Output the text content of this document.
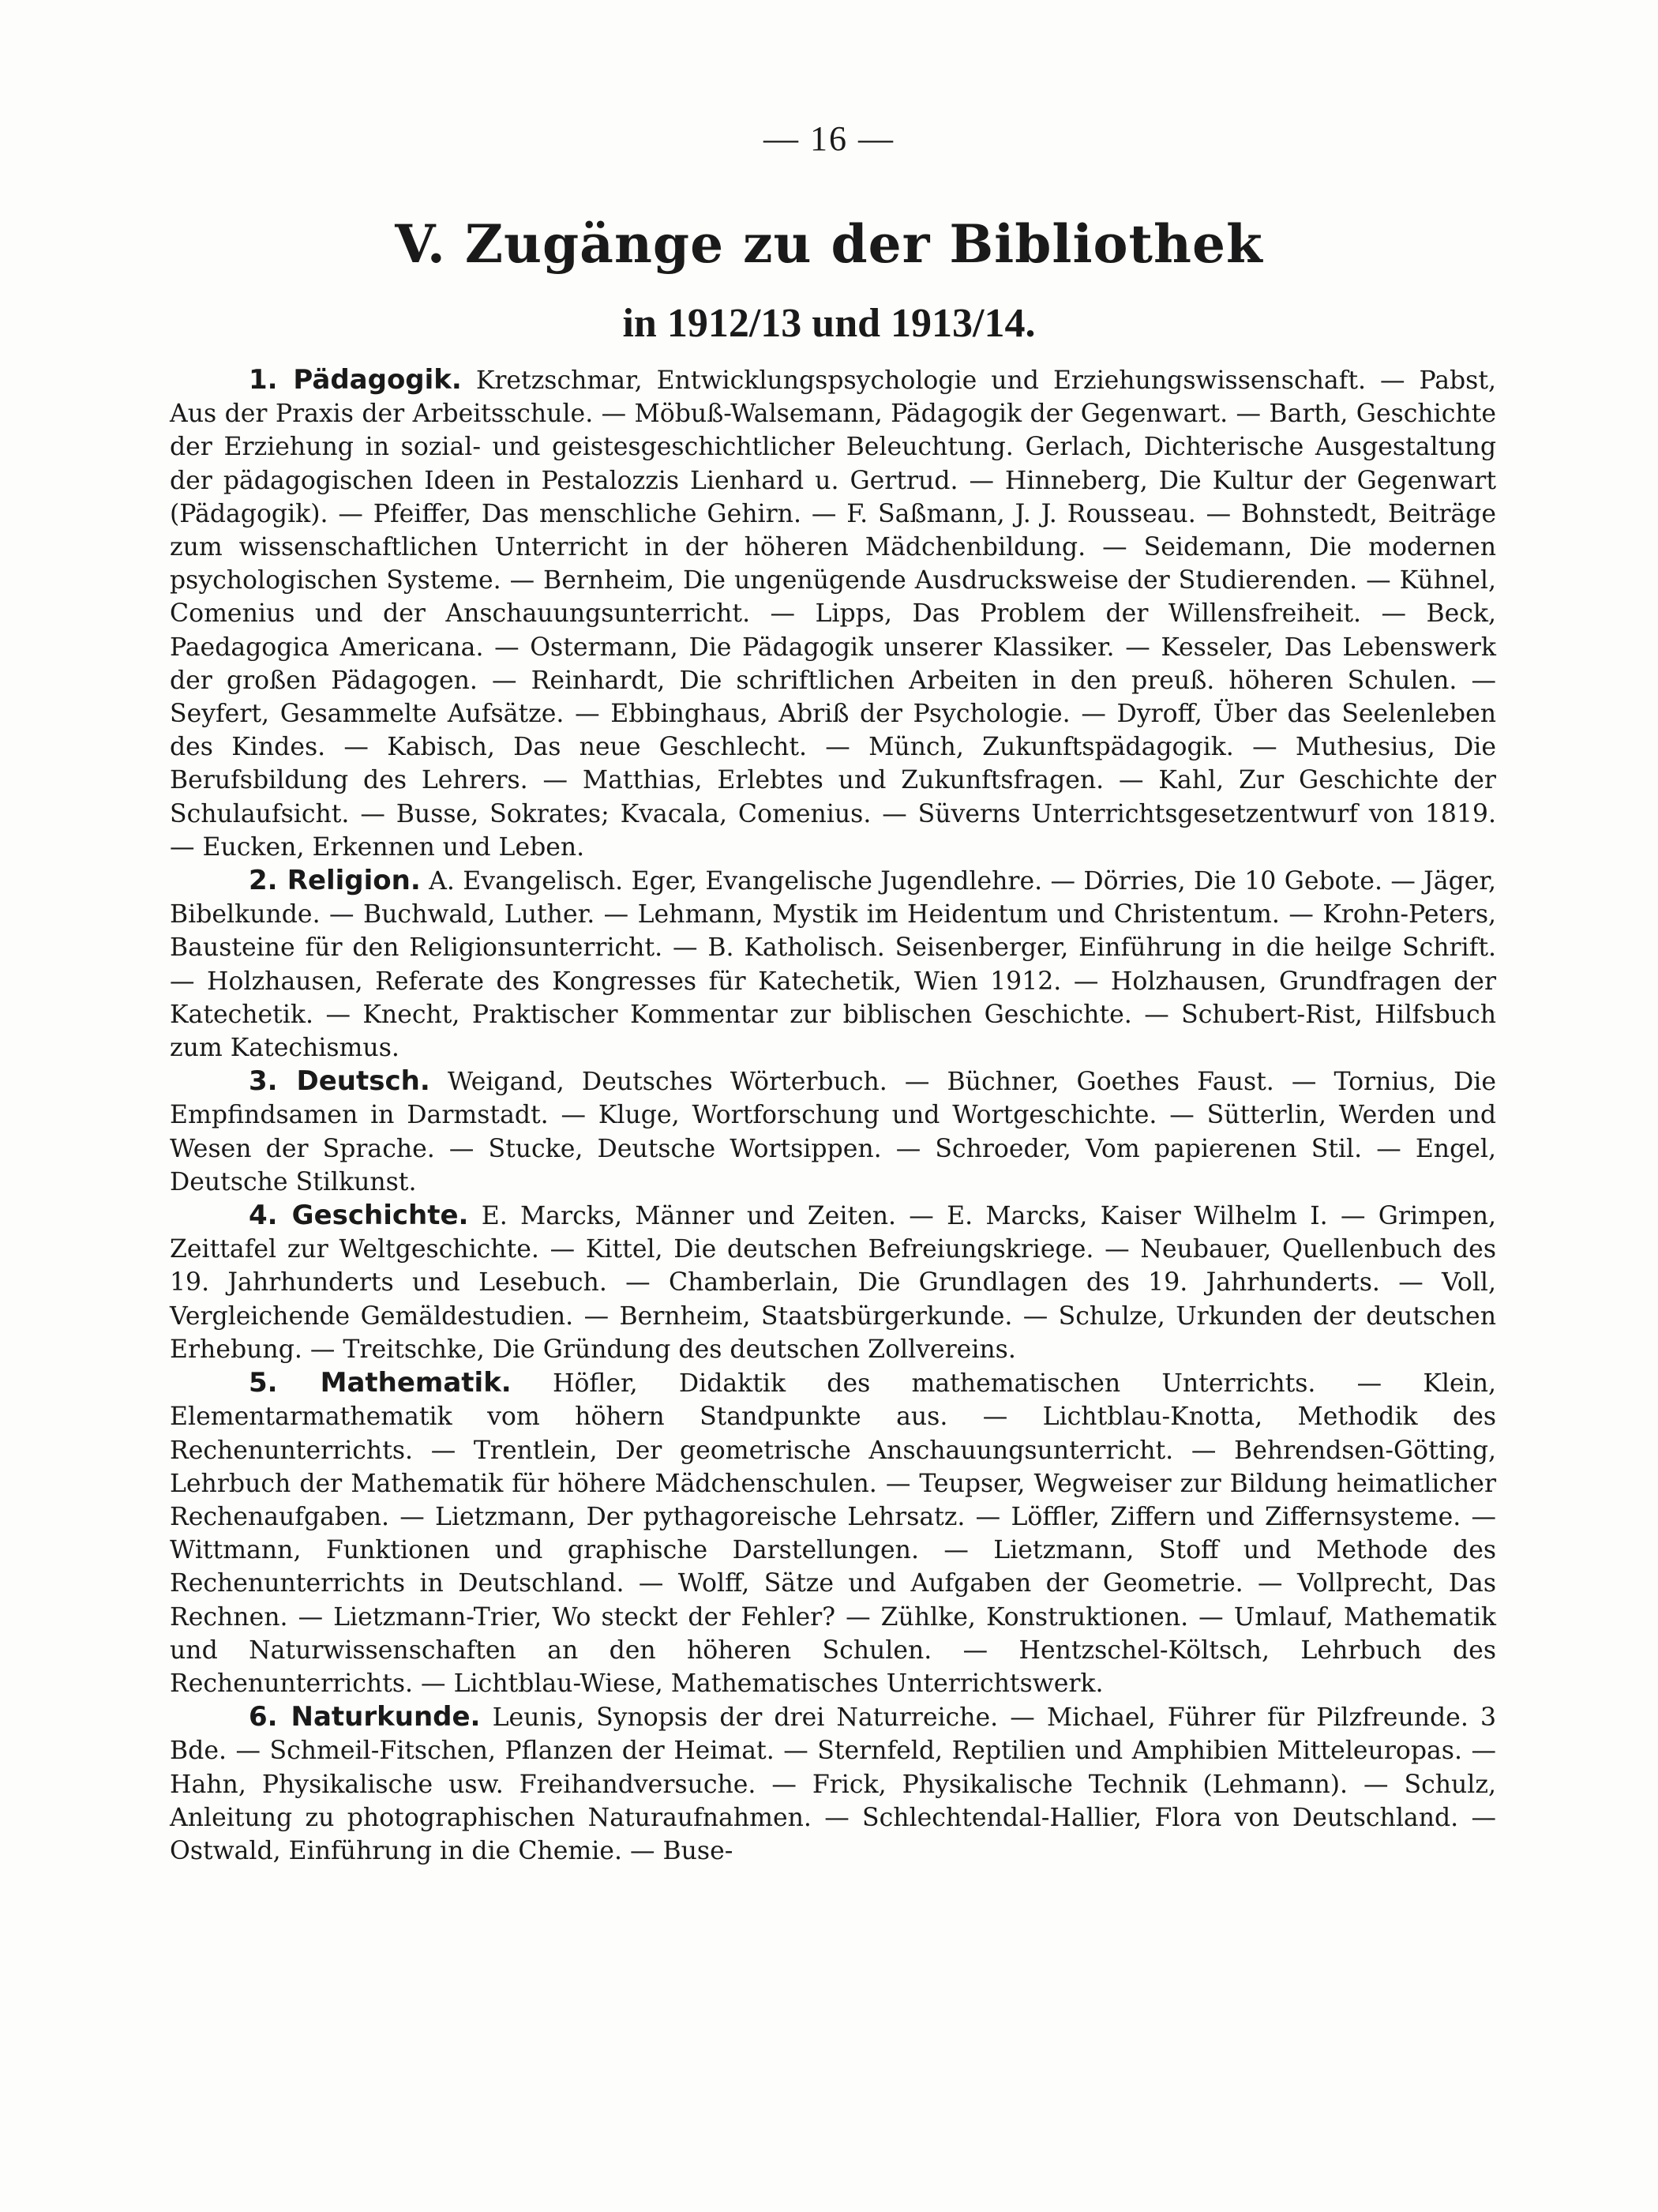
— 16 —
V. Zugänge zu der Bibliothek
in 1912/13 und 1913/14.

1. Pädagogik. Kretzschmar, Entwicklungspsychologie und Erziehungswissenschaft. — Pabst, Aus der Praxis der Arbeitsschule. — Möbuß-Walsemann, Pädagogik der Gegenwart. — Barth, Geschichte der Erziehung in sozial- und geistesgeschichtlicher Beleuchtung. Gerlach, Dichterische Ausgestaltung der pädagogischen Ideen in Pestalozzis Lienhard u. Gertrud. — Hinneberg, Die Kultur der Gegenwart (Pädagogik). — Pfeiffer, Das menschliche Gehirn. — F. Saßmann, J. J. Rousseau. — Bohnstedt, Beiträge zum wissenschaftlichen Unterricht in der höheren Mädchenbildung. — Seidemann, Die modernen psychologischen Systeme. — Bernheim, Die ungenügende Ausdrucksweise der Studierenden. — Kühnel, Comenius und der Anschauungsunterricht. — Lipps, Das Problem der Willensfreiheit. — Beck, Paedagogica Americana. — Ostermann, Die Pädagogik unserer Klassiker. — Kesseler, Das Lebenswerk der großen Pädagogen. — Reinhardt, Die schriftlichen Arbeiten in den preuß. höheren Schulen. — Seyfert, Gesammelte Aufsätze. — Ebbinghaus, Abriß der Psychologie. — Dyroff, Über das Seelenleben des Kindes. — Kabisch, Das neue Geschlecht. — Münch, Zukunftspädagogik. — Muthesius, Die Berufsbildung des Lehrers. — Matthias, Erlebtes und Zukunftsfragen. — Kahl, Zur Geschichte der Schulaufsicht. — Busse, Sokrates; Kvacala, Comenius. — Süverns Unterrichtsgesetzentwurf von 1819. — Eucken, Erkennen und Leben.

2. Religion. A. Evangelisch. Eger, Evangelische Jugendlehre. — Dörries, Die 10 Gebote. — Jäger, Bibelkunde. — Buchwald, Luther. — Lehmann, Mystik im Heidentum und Christentum. — Krohn-Peters, Bausteine für den Religionsunterricht. — B. Katholisch. Seisenberger, Einführung in die heilge Schrift. — Holzhausen, Referate des Kongresses für Katechetik, Wien 1912. — Holzhausen, Grundfragen der Katechetik. — Knecht, Praktischer Kommentar zur biblischen Geschichte. — Schubert-Rist, Hilfsbuch zum Katechismus.

3. Deutsch. Weigand, Deutsches Wörterbuch. — Büchner, Goethes Faust. — Tornius, Die Empfindsamen in Darmstadt. — Kluge, Wortforschung und Wortgeschichte. — Sütterlin, Werden und Wesen der Sprache. — Stucke, Deutsche Wortsippen. — Schroeder, Vom papierenen Stil. — Engel, Deutsche Stilkunst.

4. Geschichte. E. Marcks, Männer und Zeiten. — E. Marcks, Kaiser Wilhelm I. — Grimpen, Zeittafel zur Weltgeschichte. — Kittel, Die deutschen Befreiungskriege. — Neubauer, Quellenbuch des 19. Jahrhunderts und Lesebuch. — Chamberlain, Die Grundlagen des 19. Jahrhunderts. — Voll, Vergleichende Gemäldestudien. — Bernheim, Staatsbürgerkunde. — Schulze, Urkunden der deutschen Erhebung. — Treitschke, Die Gründung des deutschen Zollvereins.

5. Mathematik. Höfler, Didaktik des mathematischen Unterrichts. — Klein, Elementarmathematik vom höhern Standpunkte aus. — Lichtblau-Knotta, Methodik des Rechenunterrichts. — Trentlein, Der geometrische Anschauungsunterricht. — Behrendsen-Götting, Lehrbuch der Mathematik für höhere Mädchenschulen. — Teupser, Wegweiser zur Bildung heimatlicher Rechenaufgaben. — Lietzmann, Der pythagoreische Lehrsatz. — Löffler, Ziffern und Ziffernsysteme. — Wittmann, Funktionen und graphische Darstellungen. — Lietzmann, Stoff und Methode des Rechenunterrichts in Deutschland. — Wolff, Sätze und Aufgaben der Geometrie. — Vollprecht, Das Rechnen. — Lietzmann-Trier, Wo steckt der Fehler? — Zühlke, Konstruktionen. — Umlauf, Mathematik und Naturwissenschaften an den höheren Schulen. — Hentzschel-Költsch, Lehrbuch des Rechenunterrichts. — Lichtblau-Wiese, Mathematisches Unterrichtswerk.

6. Naturkunde. Leunis, Synopsis der drei Naturreiche. — Michael, Führer für Pilzfreunde. 3 Bde. — Schmeil-Fitschen, Pflanzen der Heimat. — Sternfeld, Reptilien und Amphibien Mitteleuropas. — Hahn, Physikalische usw. Freihandversuche. — Frick, Physikalische Technik (Lehmann). — Schulz, Anleitung zu photographischen Naturaufnahmen. — Schlechtendal-Hallier, Flora von Deutschland. — Ostwald, Einführung in die Chemie. — Buse-
